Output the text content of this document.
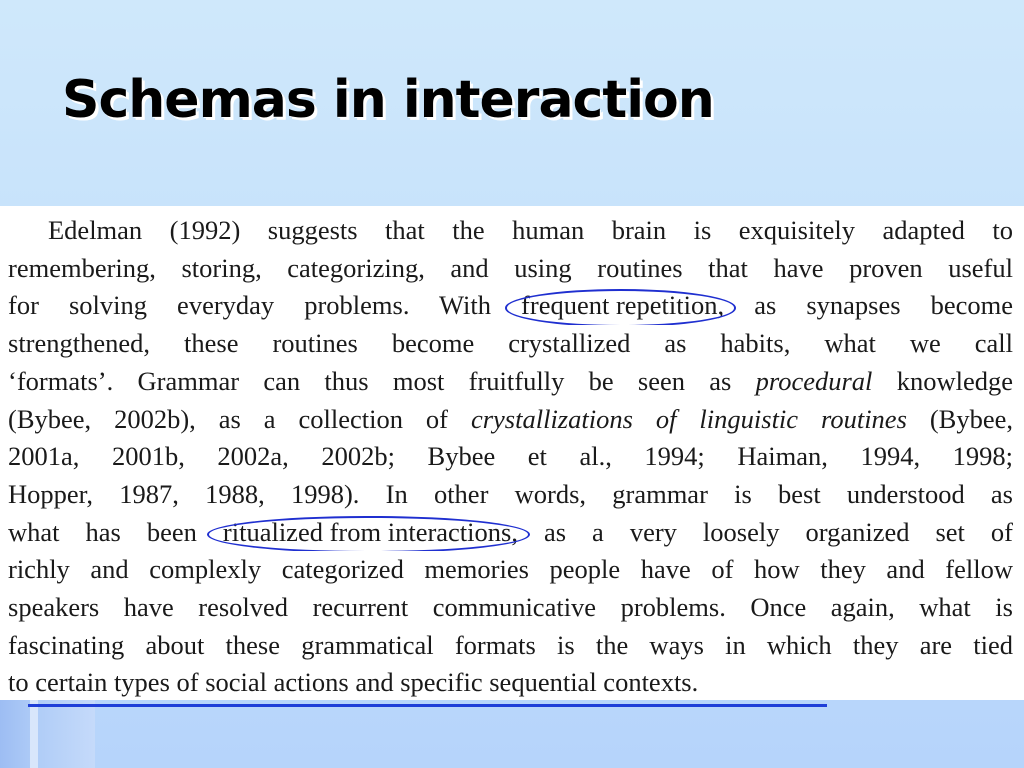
Schemas in interaction
Edelman (1992) suggests that the human brain is exquisitely adapted to
remembering, storing, categorizing, and using routines that have proven useful
for solving everyday problems. With frequent repetition, as synapses become
strengthened, these routines become crystallized as habits, what we call
‘formats’. Grammar can thus most fruitfully be seen as procedural knowledge
(Bybee, 2002b), as a collection of crystallizations of linguistic routines (Bybee,
2001a, 2001b, 2002a, 2002b; Bybee et al., 1994; Haiman, 1994, 1998;
Hopper, 1987, 1988, 1998). In other words, grammar is best understood as
what has been ritualized from interactions, as a very loosely organized set of
richly and complexly categorized memories people have of how they and fellow
speakers have resolved recurrent communicative problems. Once again, what is
fascinating about these grammatical formats is the ways in which they are tied
to certain types of social actions and specific sequential contexts.
